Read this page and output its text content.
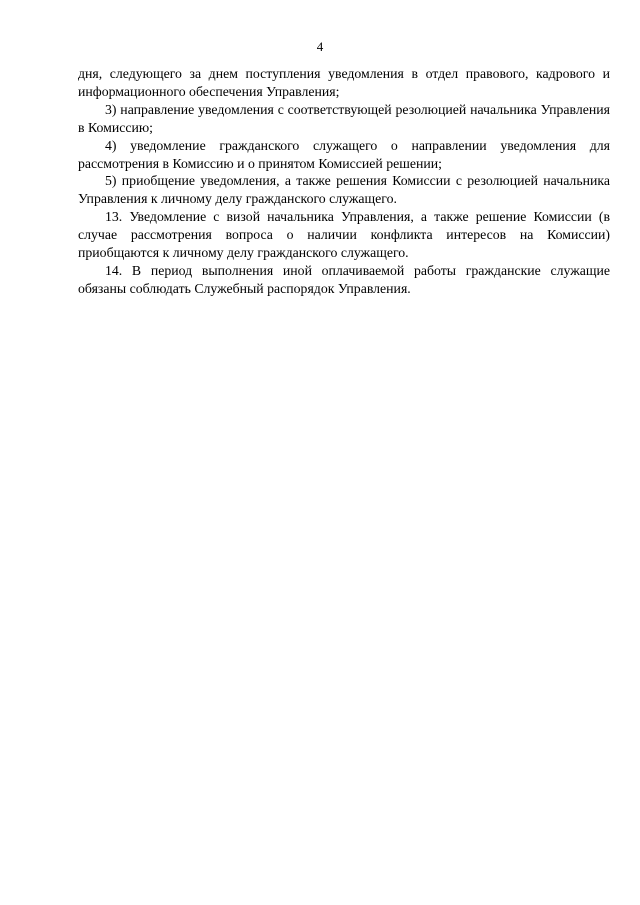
4

дня, следующего за днем поступления уведомления в отдел правового, кадрового и информационного обеспечения Управления;

3) направление уведомления с соответствующей резолюцией начальника Управления в Комиссию;

4) уведомление гражданского служащего о направлении уведомления для рассмотрения в Комиссию и о принятом Комиссией решении;

5) приобщение уведомления, а также решения Комиссии с резолюцией начальника Управления к личному делу гражданского служащего.

13. Уведомление с визой начальника Управления, а также решение Комиссии (в случае рассмотрения вопроса о наличии конфликта интересов на Комиссии) приобщаются к личному делу гражданского служащего.

14. В период выполнения иной оплачиваемой работы гражданские служащие обязаны соблюдать Служебный распорядок Управления.
